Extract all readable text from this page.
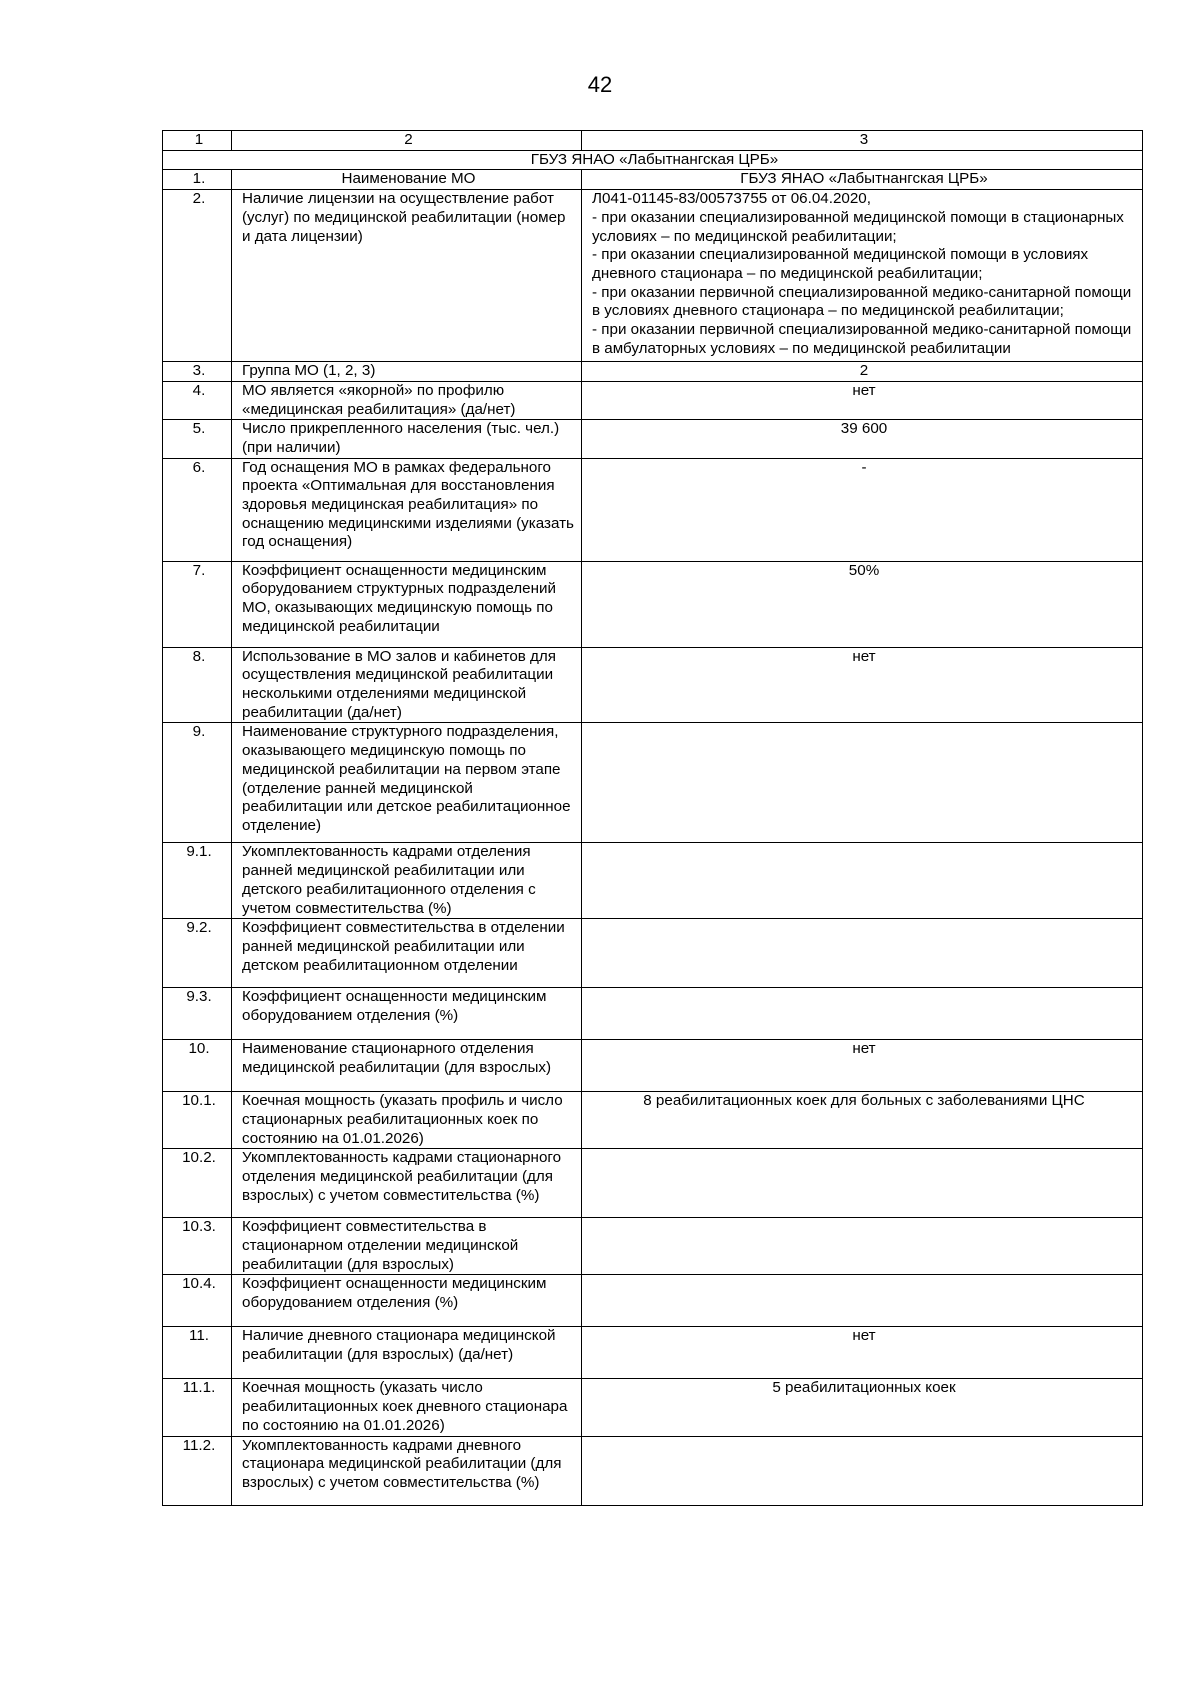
42
1	2	3
ГБУЗ ЯНАО «Лабытнангская ЦРБ»		
1.	Наименование МО	ГБУЗ ЯНАО «Лабытнангская ЦРБ»
2.	Наличие лицензии на осуществление работ (услуг) по медицинской реабилитации (номер и дата лицензии)	Л041-01145-83/00573755 от 06.04.2020,
- при оказании специализированной медицинской помощи в стационарных условиях – по медицинской реабилитации;
- при оказании специализированной медицинской помощи в условиях дневного стационара – по медицинской реабилитации;
- при оказании первичной специализированной медико-санитарной помощи в условиях дневного стационара – по медицинской реабилитации;
- при оказании первичной специализированной медико-санитарной помощи в амбулаторных условиях – по медицинской реабилитации

3.	Группа МО (1, 2, 3)	2
4.	МО является «якорной» по профилю «медицинская реабилитация» (да/нет)	нет
5.	Число прикрепленного населения (тыс. чел.) (при наличии)	39 600
6.	Год оснащения МО в рамках федерального проекта «Оптимальная для восстановления здоровья медицинская реабилитация» по оснащению медицинскими изделиями (указать год оснащения)	-
7.	Коэффициент оснащенности медицинским оборудованием структурных подразделений МО, оказывающих медицинскую помощь по медицинской реабилитации	50%
8.	Использование в МО залов и кабинетов для осуществления медицинской реабилитации несколькими отделениями медицинской реабилитации (да/нет)	нет
9.	Наименование структурного подразделения, оказывающего медицинскую помощь по медицинской реабилитации на первом этапе (отделение ранней медицинской реабилитации или детское реабилитационное отделение)	
9.1.	Укомплектованность кадрами отделения ранней медицинской реабилитации или детского реабилитационного отделения с учетом совместительства (%)	
9.2.	Коэффициент совместительства в отделении ранней медицинской реабилитации или детском реабилитационном отделении	
9.3.	Коэффициент оснащенности медицинским оборудованием отделения (%)	
10.	Наименование стационарного отделения медицинской реабилитации (для взрослых)	нет
10.1.	Коечная мощность (указать профиль и число стационарных реабилитационных коек по состоянию на 01.01.2026)	8 реабилитационных коек для больных с заболеваниями ЦНС
10.2.	Укомплектованность кадрами стационарного отделения медицинской реабилитации (для взрослых) с учетом совместительства (%)	
10.3.	Коэффициент совместительства в стационарном отделении медицинской реабилитации (для взрослых)	
10.4.	Коэффициент оснащенности медицинским оборудованием отделения (%)	
11.	Наличие дневного стационара медицинской реабилитации (для взрослых) (да/нет)	нет
11.1.	Коечная мощность (указать число реабилитационных коек дневного стационара по состоянию на 01.01.2026)	5 реабилитационных коек
11.2.	Укомплектованность кадрами дневного стационара медицинской реабилитации (для взрослых) с учетом совместительства (%)	
